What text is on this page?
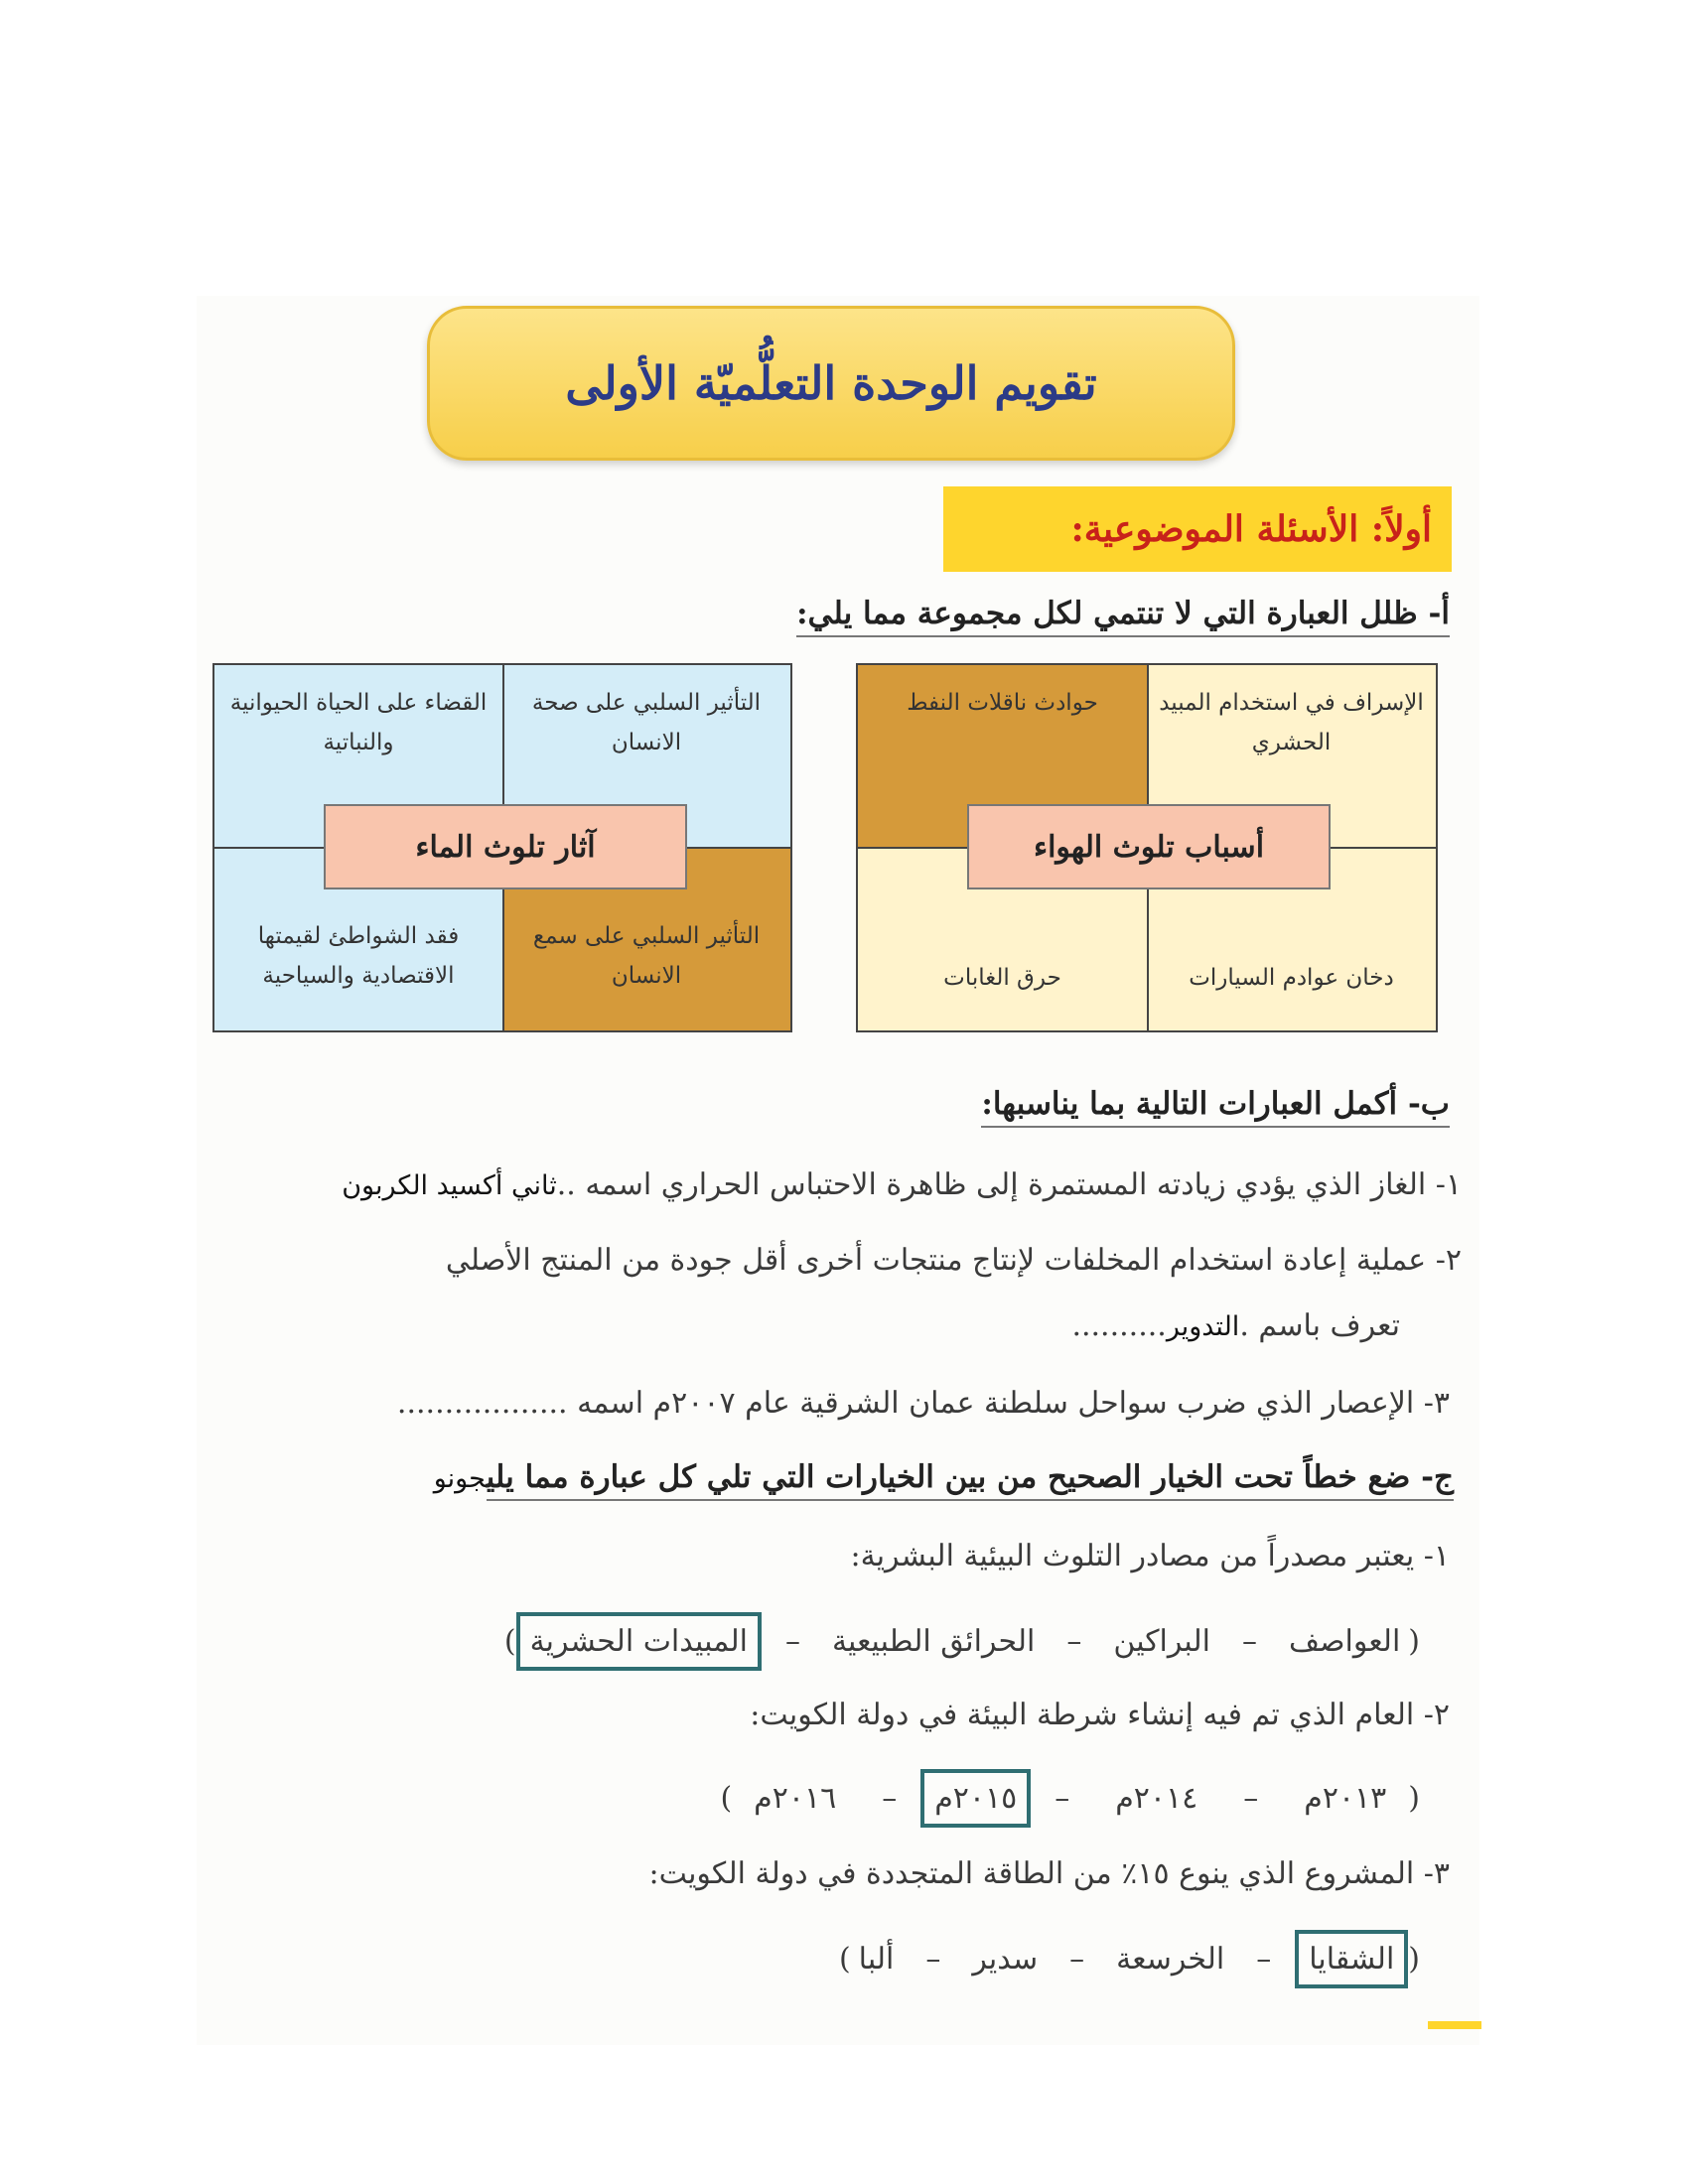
تقويم الوحدة التعلُّميّة الأولى
أولاً: الأسئلة الموضوعية:
أ- ظلل العبارة التي لا تنتمي لكل مجموعة مما يلي:
الإسراف في استخدام المبيد الحشري
حوادث ناقلات النفط
دخان عوادم السيارات
حرق الغابات
أسباب تلوث الهواء
التأثير السلبي على صحة الانسان
القضاء على الحياة الحيوانية والنباتية
التأثير السلبي على سمع الانسان
فقد الشواطئ لقيمتها الاقتصادية والسياحية
آثار تلوث الماء
ب- أكمل العبارات التالية بما يناسبها:
١- الغاز الذي يؤدي زيادته المستمرة إلى ظاهرة الاحتباس الحراري اسمه ..ثاني أكسيد الكربون
٢- عملية إعادة استخدام المخلفات لإنتاج منتجات أخرى أقل جودة من المنتج الأصلي
تعرف باسم .التدوير..........
٣- الإعصار الذي ضرب سواحل سلطنة عمان الشرقية عام ٢٠٠٧م اسمه ..................
ج- ضع خطاً تحت الخيار الصحيح من بين الخيارات التي تلي كل عبارة مما يليجونو
١- يعتبر مصدراً من مصادر التلوث البيئية البشرية:
(
العواصف
–
البراكين
–
الحرائق الطبيعية
–
المبيدات الحشرية
)
٢- العام الذي تم فيه إنشاء شرطة البيئة في دولة الكويت:
(
٢٠١٣م
–
٢٠١٤م
–
٢٠١٥م
–
٢٠١٦م
)
٣- المشروع الذي ينوع ١٥٪ من الطاقة المتجددة في دولة الكويت:
(
الشقايا
–
الخرسعة
–
سدير
–
ألبا
)
